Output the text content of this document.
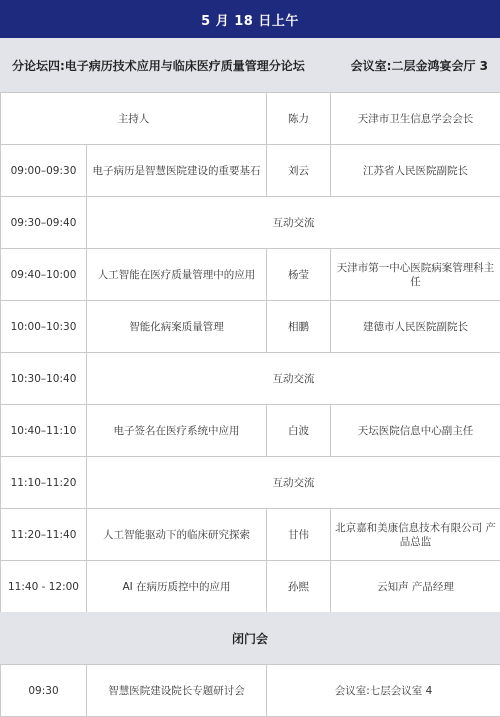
5 月 18 日上午
分论坛四:电子病历技术应用与临床医疗质量管理分论坛	会议室:二层金鸿宴会厅 3
主持人		陈力	天津市卫生信息学会会长
09:00–09:30	电子病历是智慧医院建设的重要基石	刘云	江苏省人民医院副院长
09:30–09:40	互动交流		
09:40–10:00	人工智能在医疗质量管理中的应用	杨莹	天津市第一中心医院病案管理科主任
10:00–10:30	智能化病案质量管理	相鹏	建德市人民医院副院长
10:30–10:40	互动交流		
10:40–11:10	电子签名在医疗系统中应用	白波	天坛医院信息中心副主任
11:10–11:20	互动交流		
11:20–11:40	人工智能驱动下的临床研究探索	甘伟	北京嘉和美康信息技术有限公司 产品总监
11:40 - 12:00	AI 在病历质控中的应用	孙熙	云知声 产品经理
闭门会
09:30	智慧医院建设院长专题研讨会	会议室:七层会议室 4
